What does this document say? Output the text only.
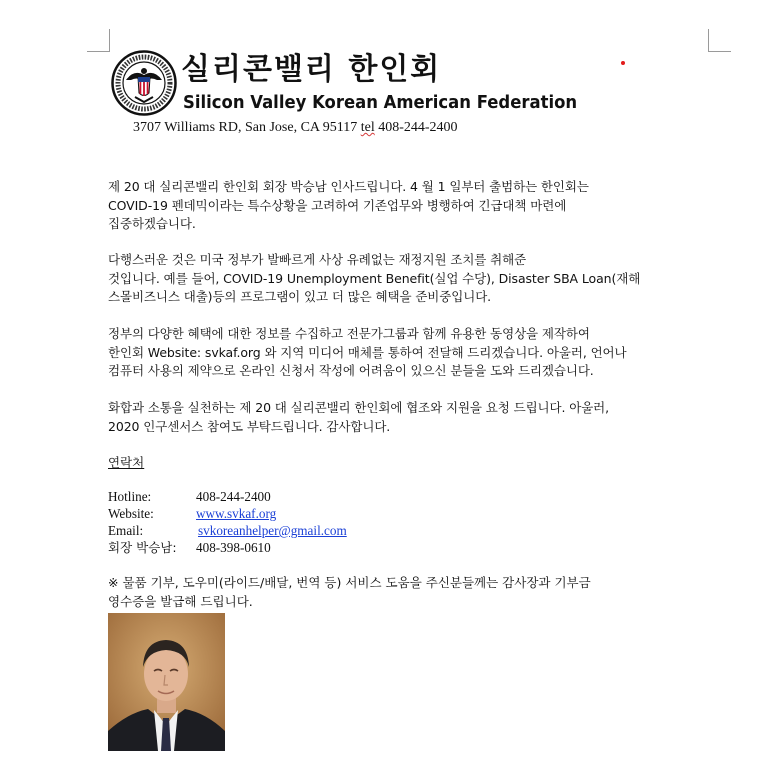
실리콘밸리 한인회
Silicon Valley Korean American Federation
3707 Williams RD, San Jose, CA 95117 tel 408-244-2400

제 20 대 실리콘밸리 한인회 회장 박승남 인사드립니다. 4 월 1 일부터 출범하는 한인회는

COVID-19 펜데믹이라는 특수상황을 고려하여 기존업무와 병행하여 긴급대책 마련에

집중하겠습니다.

다행스러운 것은 미국 정부가 발빠르게 사상 유례없는 재정지원 조치를 취해준

것입니다. 예를 들어, COVID-19 Unemployment Benefit(실업 수당), Disaster SBA Loan(재해

스몰비즈니스 대출)등의 프로그램이 있고 더 많은 혜택을 준비중입니다.

정부의 다양한 혜택에 대한 정보를 수집하고 전문가그룹과 함께 유용한 동영상을 제작하여

한인회 Website: svkaf.org 와 지역 미디어 매체를 통하여 전달해 드리겠습니다. 아울러, 언어나

컴퓨터 사용의 제약으로 온라인 신청서 작성에 어려움이 있으신 분들을 도와 드리겠습니다.

화합과 소통을 실천하는 제 20 대 실리콘밸리 한인회에 협조와 지원을 요청 드립니다. 아울러,

2020 인구센서스 참여도 부탁드립니다. 감사합니다.

연락처
Hotline:	408-244-2400
Website:	www.svkaf.org
Email:	svkoreanhelper@gmail.com
회장 박승남: 408-398-0610
※ 물품 기부, 도우미(라이드/배달, 번역 등) 서비스 도움을 주신분들께는 감사장과 기부금
영수증을 발급해 드립니다.
